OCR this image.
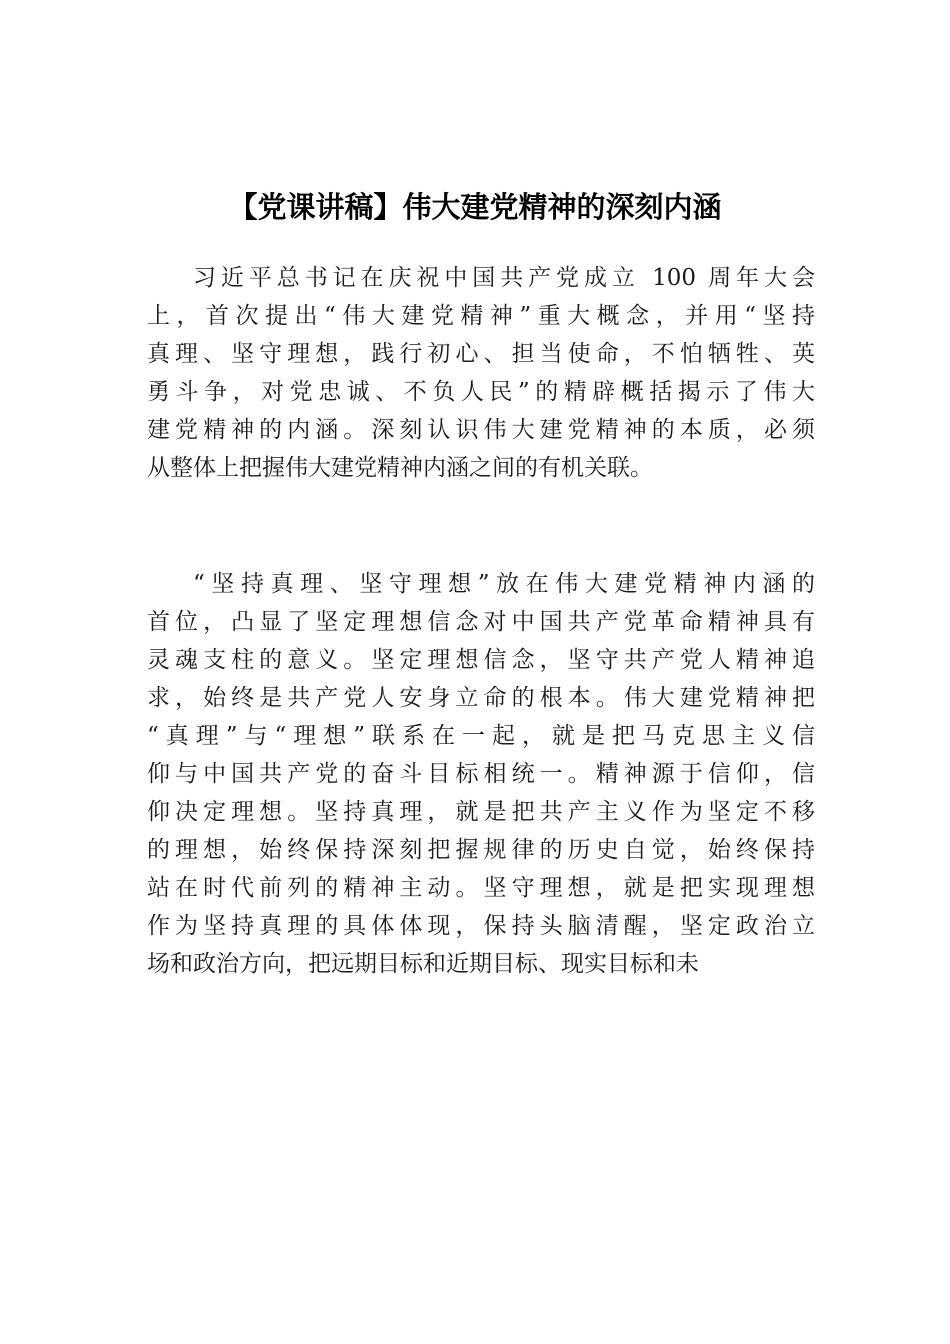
【党课讲稿】伟大建党精神的深刻内涵
习近平总书记在庆祝中国共产党成立 100 周年大会
上，首次提出“伟大建党精神”重大概念，并用“坚持
真理、坚守理想，践行初心、担当使命，不怕牺牲、英
勇斗争，对党忠诚、不负人民”的精辟概括揭示了伟大
建党精神的内涵。深刻认识伟大建党精神的本质，必须
从整体上把握伟大建党精神内涵之间的有机关联。
“坚持真理、坚守理想”放在伟大建党精神内涵的
首位，凸显了坚定理想信念对中国共产党革命精神具有
灵魂支柱的意义。坚定理想信念，坚守共产党人精神追
求，始终是共产党人安身立命的根本。伟大建党精神把
“真理”与“理想”联系在一起，就是把马克思主义信
仰与中国共产党的奋斗目标相统一。精神源于信仰，信
仰决定理想。坚持真理，就是把共产主义作为坚定不移
的理想，始终保持深刻把握规律的历史自觉，始终保持
站在时代前列的精神主动。坚守理想，就是把实现理想
作为坚持真理的具体体现，保持头脑清醒，坚定政治立
场和政治方向，把远期目标和近期目标、现实目标和未
